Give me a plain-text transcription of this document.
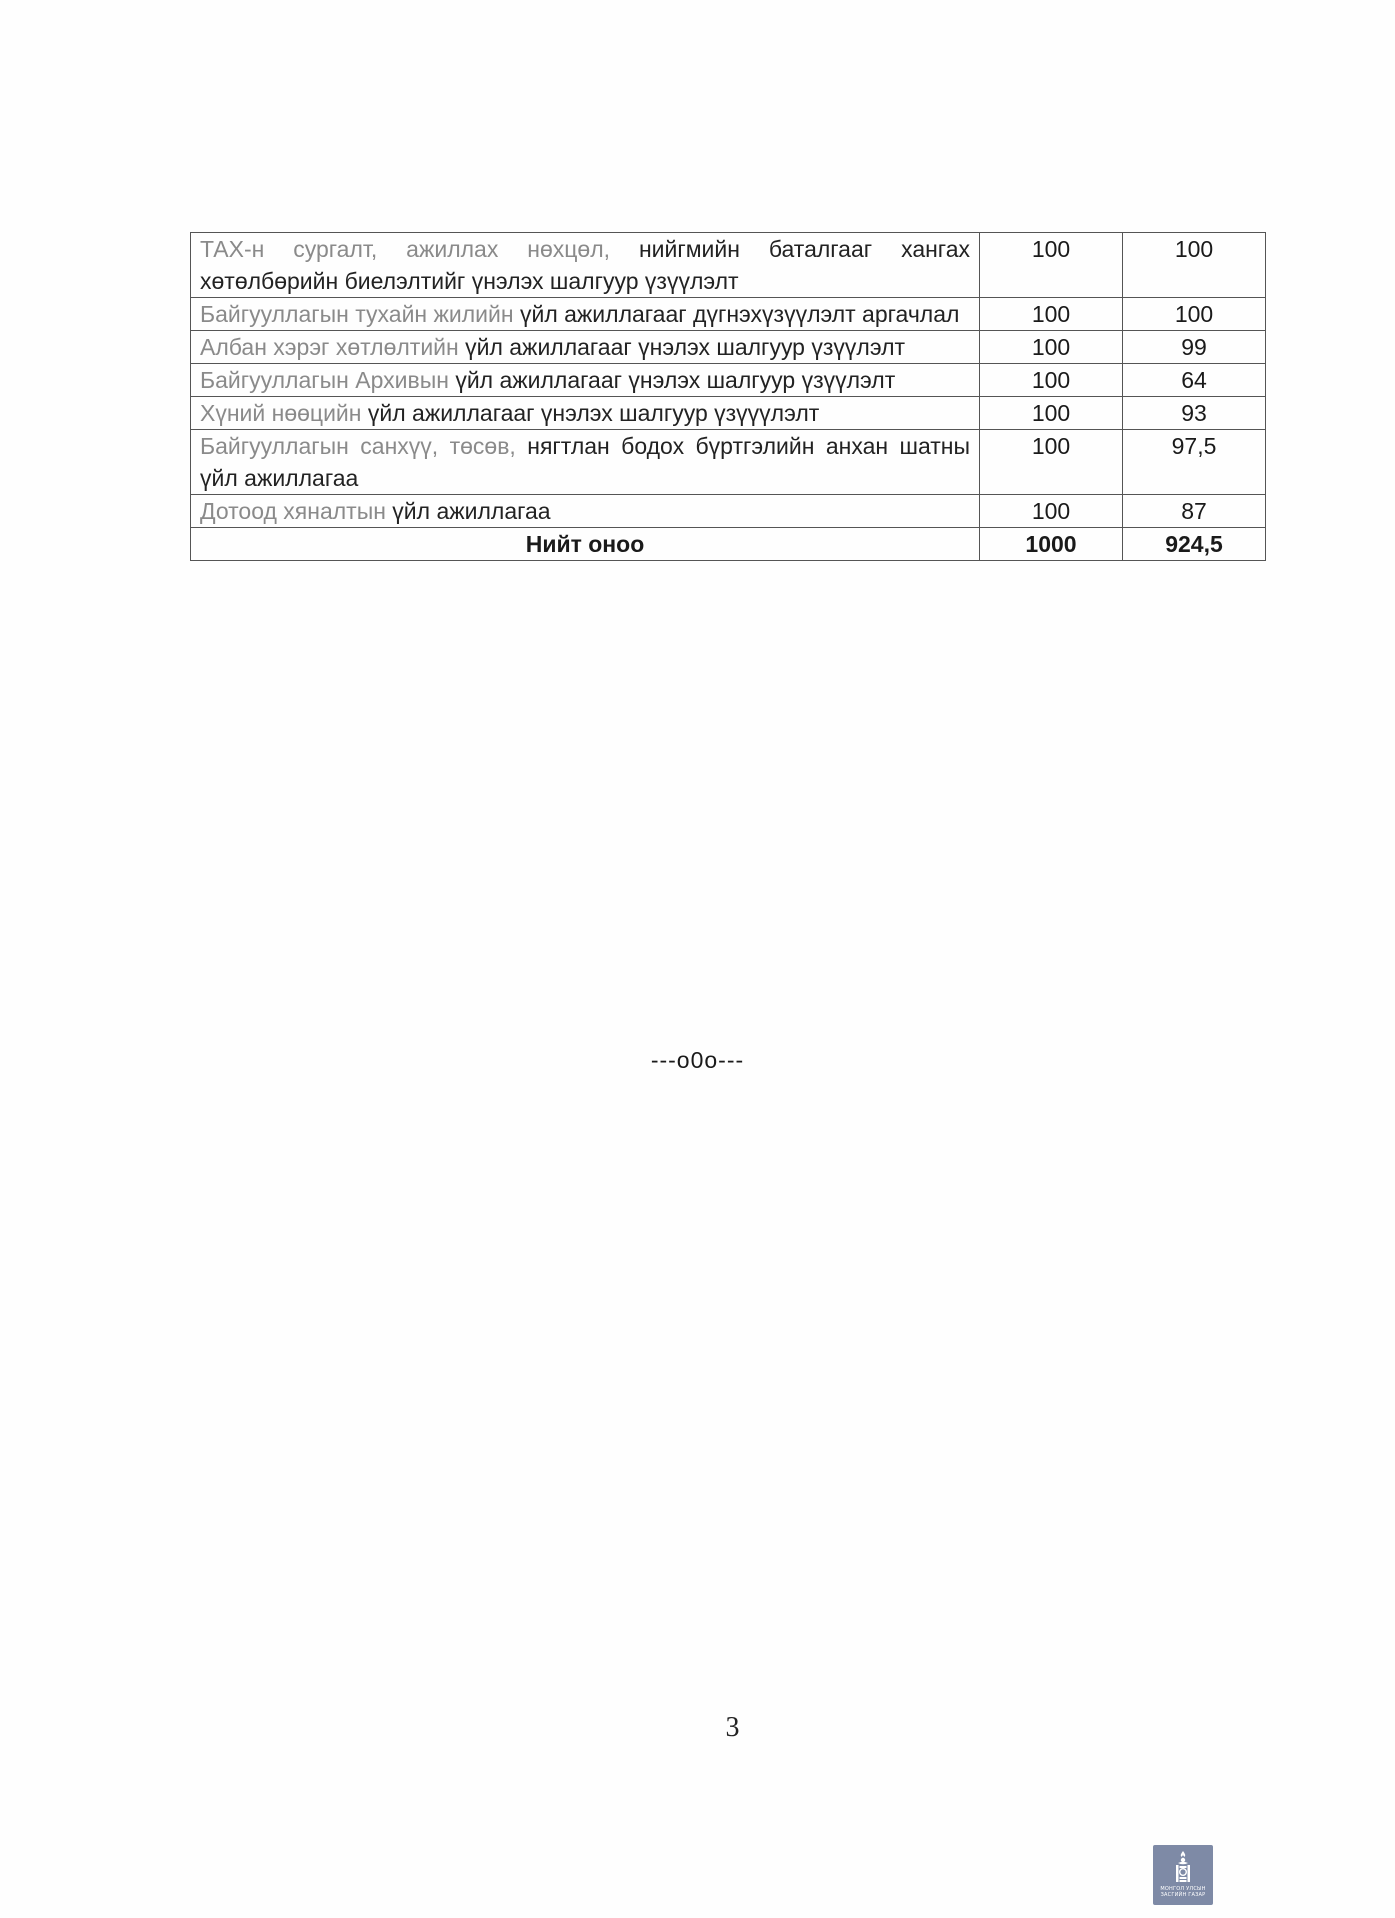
ТАХ-н сургалт, ажиллах нөхцөл, нийгмийн баталгааг хангах хөтөлбөрийн биелэлтийг үнэлэх шалгуур үзүүлэлт	100	100
Байгууллагын тухайн жилийн үйл ажиллагааг дүгнэхүзүүлэлт аргачлал	100	100
Албан хэрэг хөтлөлтийн үйл ажиллагааг үнэлэх шалгуур үзүүлэлт	100	99
Байгууллагын Архивын үйл ажиллагааг үнэлэх шалгуур үзүүлэлт	100	64
Хүний нөөцийн үйл ажиллагааг үнэлэх шалгуур үзүүүлэлт	100	93
Байгууллагын санхүү, төсөв, нягтлан бодох бүртгэлийн анхан шатны үйл ажиллагаа	100	97,5
Дотоод хяналтын үйл ажиллагаа	100	87
Нийт оноо	1000	924,5
---o0o---
3
МОНГОЛ УЛСЫН
ЗАСГИЙН ГАЗАР
